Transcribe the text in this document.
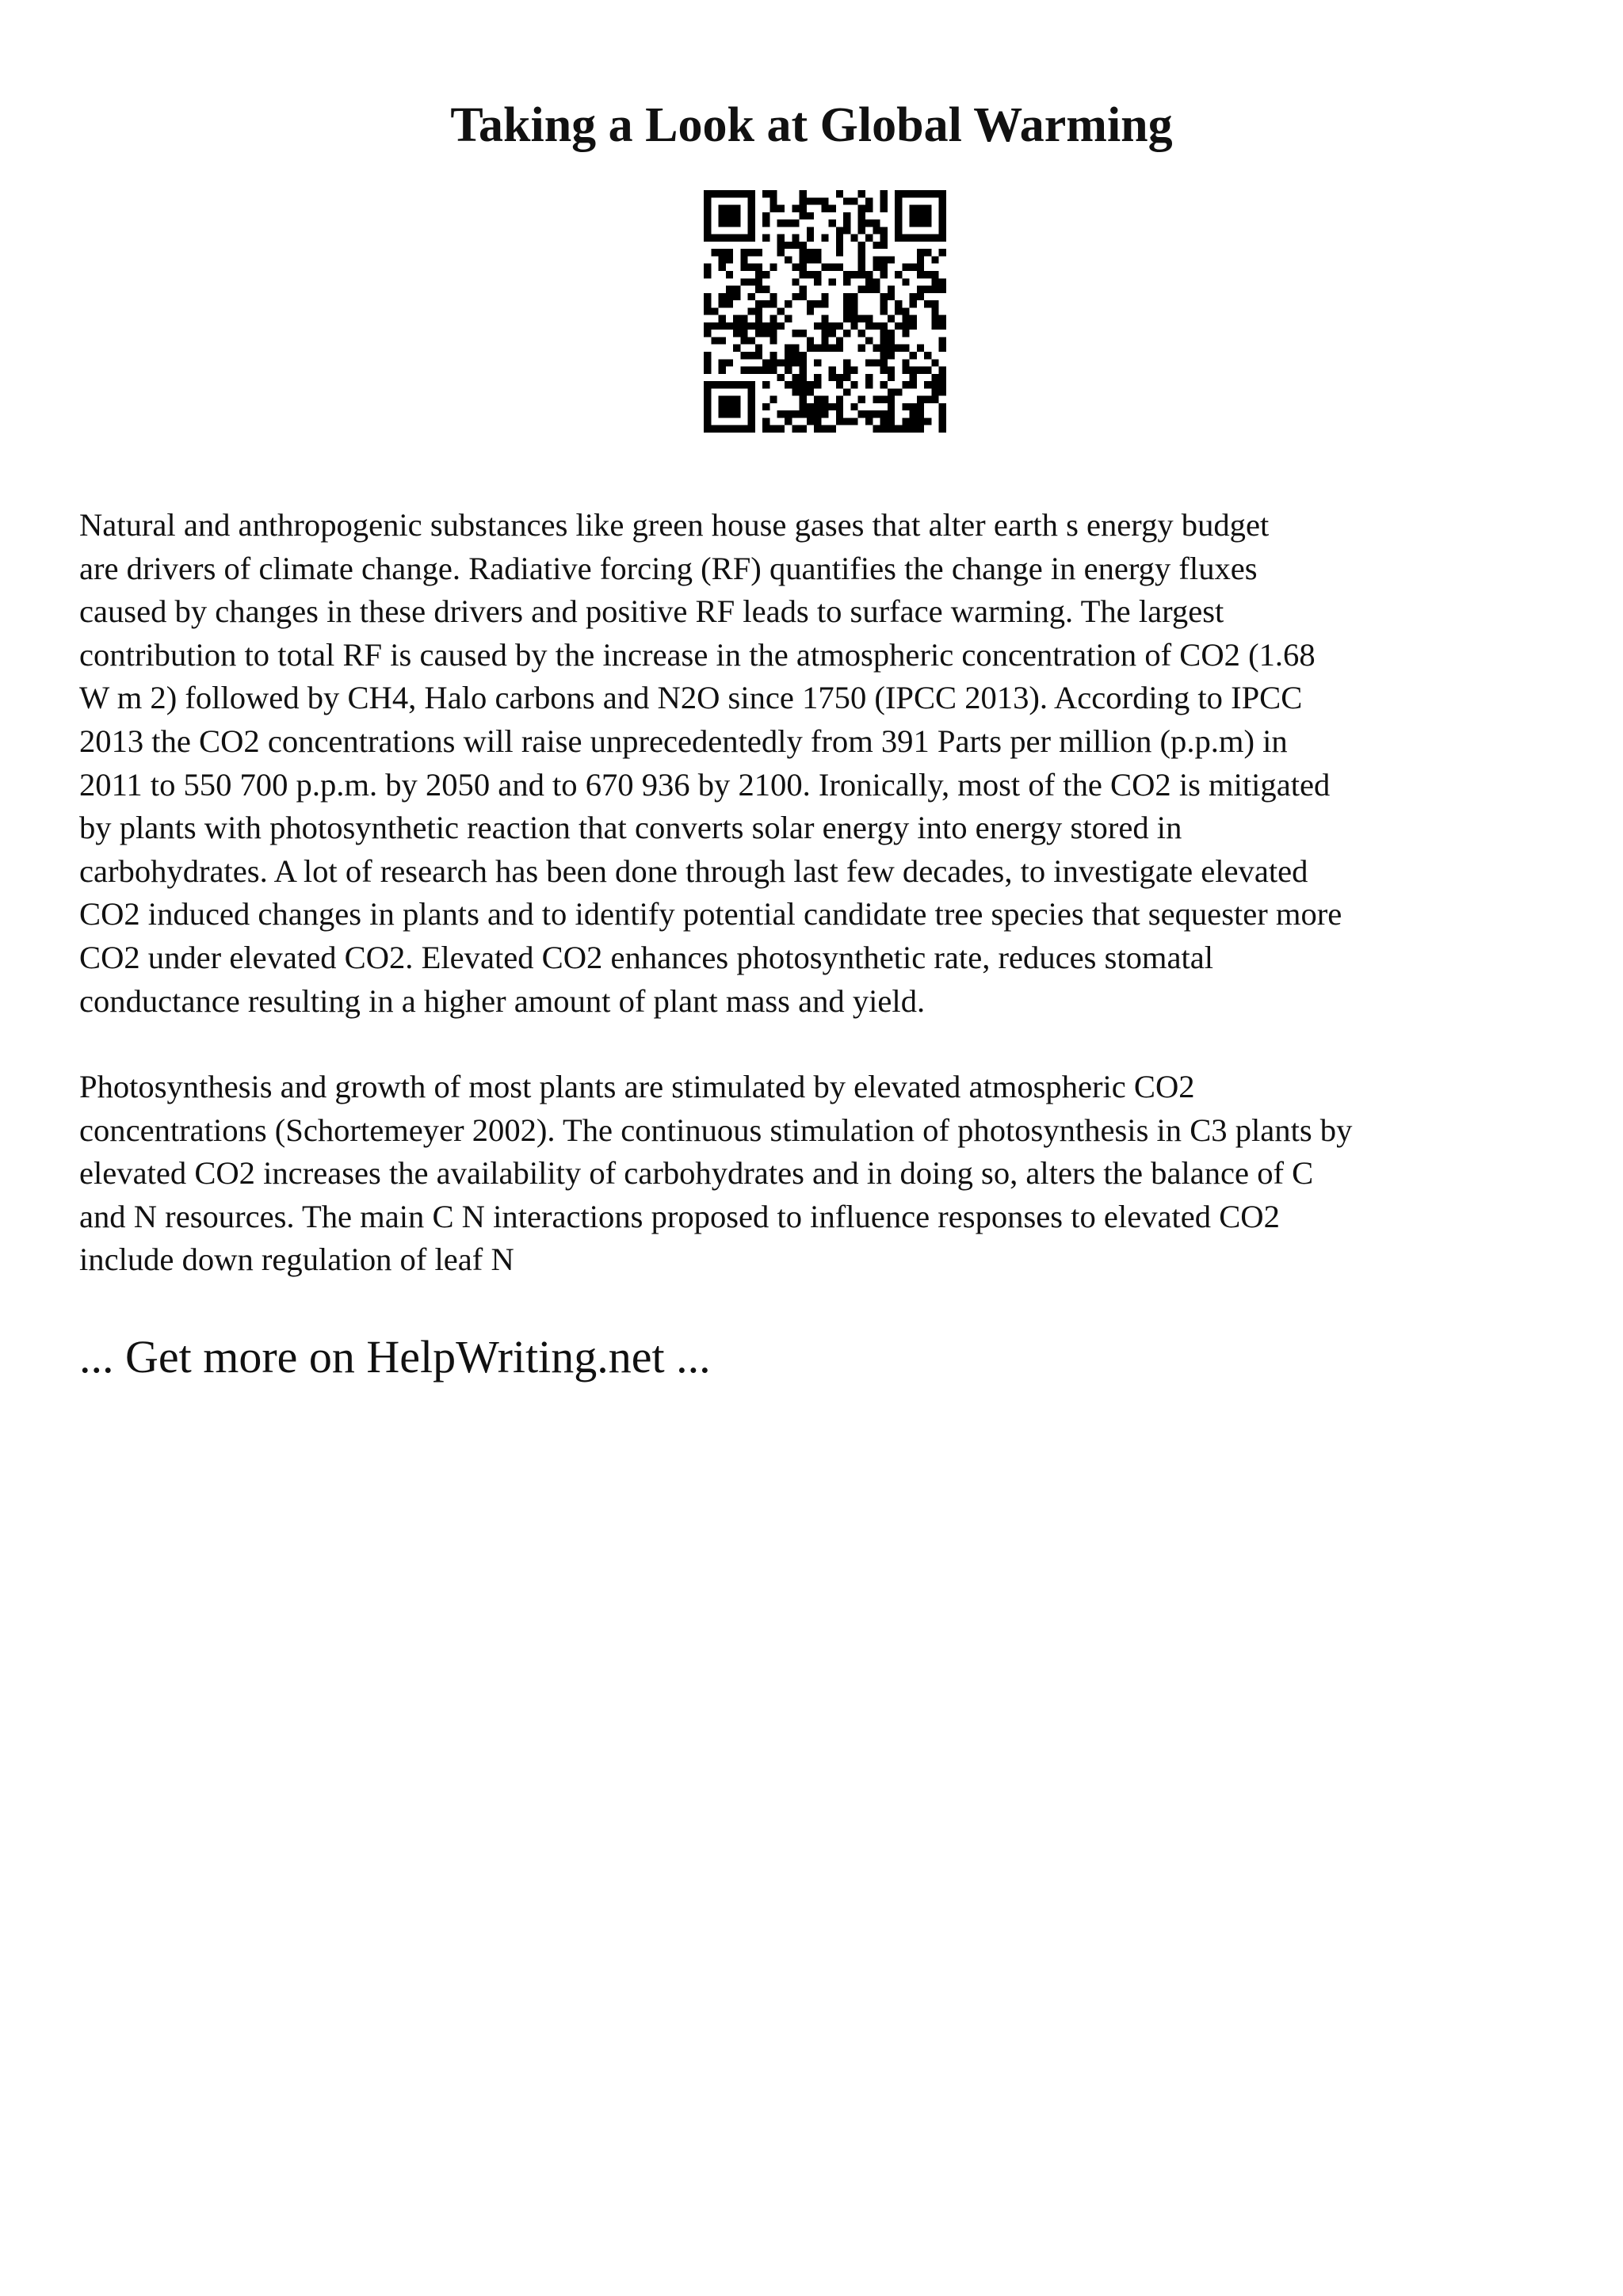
Taking a Look at Global Warming

Natural and anthropogenic substances like green house gases that alter earth s energy budget
are drivers of climate change. Radiative forcing (RF) quantifies the change in energy fluxes
caused by changes in these drivers and positive RF leads to surface warming. The largest
contribution to total RF is caused by the increase in the atmospheric concentration of CO2 (1.68
W m 2) followed by CH4, Halo carbons and N2O since 1750 (IPCC 2013). According to IPCC
2013 the CO2 concentrations will raise unprecedentedly from 391 Parts per million (p.p.m) in
2011 to 550 700 p.p.m. by 2050 and to 670 936 by 2100. Ironically, most of the CO2 is mitigated
by plants with photosynthetic reaction that converts solar energy into energy stored in
carbohydrates. A lot of research has been done through last few decades, to investigate elevated
CO2 induced changes in plants and to identify potential candidate tree species that sequester more
CO2 under elevated CO2. Elevated CO2 enhances photosynthetic rate, reduces stomatal
conductance resulting in a higher amount of plant mass and yield.

Photosynthesis and growth of most plants are stimulated by elevated atmospheric CO2
concentrations (Schortemeyer 2002). The continuous stimulation of photosynthesis in C3 plants by
elevated CO2 increases the availability of carbohydrates and in doing so, alters the balance of C
and N resources. The main C N interactions proposed to influence responses to elevated CO2
include down regulation of leaf N

... Get more on HelpWriting.net ...
